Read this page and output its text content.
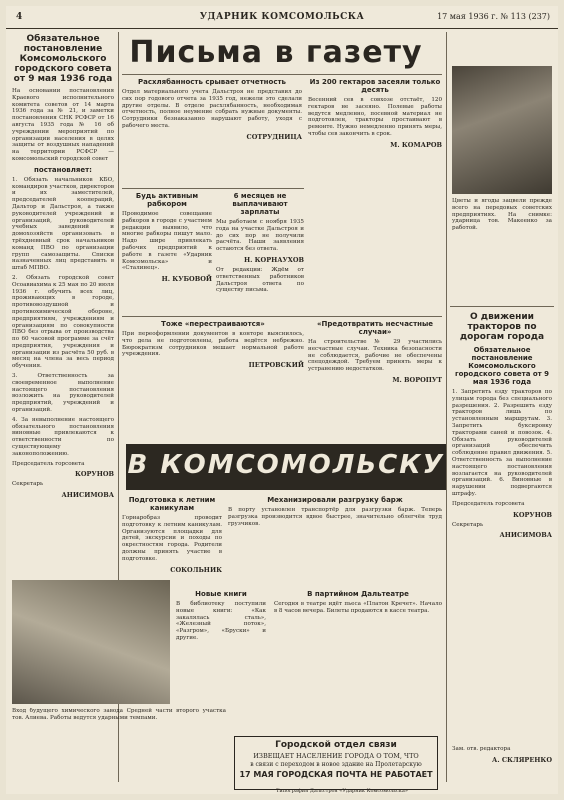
4	УДАРНИК КОМСОМОЛЬСКА	17 мая 1936 г. № 113 (237)
Обязательное постановление Комсомольского городского совета от 9 мая 1936 года

На основании постановления Краевого исполнительного комитета советов от 14 марта 1936 года за № 21, и заметки постановления СНК РСФСР от 16 августа 1935 года № 16 об учреждении мероприятий по организации населения в целях защиты от воздушных нападений на территории РСФСР — комсомольский городской совет

постановляет:

1. Обязать начальников КБО, командиров участков, директоров и их заместителей, председателей коопераций, Дальтор и Дальстроя, а также руководителей учреждений и организаций, руководителей учебных заведений и домохозяйств организовать в трёхдневный срок начальников команд ПВО по организации групп самозащиты. Списки назначенных лиц представить в штаб МПВО.

2. Обязать городской совет Осоавиахима к 25 мая по 20 июля 1936 г. обучить всех лиц, проживающих в городе, противовоздушной и противохимической обороне, предприятиям, учреждениям и организациям по совокупности ПВО без отрыва от производства по 60 часовой программе за счёт предприятия, учреждения и организации из расчёта 50 руб. в месяц на члена за весь период обучения.

3. Ответственность за своевременное выполнение настоящего постановления возложить на руководителей предприятий, учреждений и организаций.

4. За невыполнение настоящего обязательного постановления виновные привлекаются к ответственности по существующему законоположению.

Председатель горсовета

КОРУНОВ

Секретарь

АНИСИМОВА

Письма в газету
Расхлябанность срывает отчетность

Отдел материального учета Дальстроя не представил до сих пор годового отчета за 1935 год, нежели это сделали другие отделы. В отделе расхлябанность, необходимая отчетность, полное неумение собрать нужные документы. Сотрудники безнаказанно нарушают работу, уходя с рабочего места.

СОТРУДНИЦА

Из 200 гектаров засеяли только десять

Весенний сев в совхозе отстаёт, 120 гектаров не засеяно. Полевые работы ведутся медленно, посевной материал не подготовлен, тракторы простаивают в ремонте. Нужно немедленно принять меры, чтобы сев закончить в срок.

М. КОМАРОВ

Будь активным рабкором

Проводимое совещание рабкоров в городе с участием редакции выявило, что многие рабкоры пишут мало. Надо шире привлекать рабочих предприятий к работе в газете «Ударник Комсомольска» и «Сталинец».

Н. КУБОВОЙ

6 месяцев не выплачивают зарплаты

Мы работаем с ноября 1935 года на участке Дальстроя и до сих пор не получили расчёта. Наши заявления остаются без ответа.

Н. КОРНАУХОВ

От редакции: Ждём от ответственных работников Дальстроя ответа по существу письма.

Тоже «перестраиваются»

При переоформлении документов в конторе выяснилось, что дела не подготовлены, работа ведётся небрежно. Бюрократизм сотрудников мешает нормальной работе учреждения.

ПЕТРОВСКИЙ

«Предотвратить несчастные случаи»

На строительстве № 29 участились несчастные случаи. Техника безопасности не соблюдается, рабочие не обеспечены спецодеждой. Требуем принять меры к устранению недостатков.

М. ВОРОПУТ

Цветы и ягоды зацвели прежде всего на передовых советских предприятиях. На снимке: ударница тов. Макеенко за работой.

О движении тракторов по дорогам города
Обязательное постановление Комсомольского городского совета от 9 мая 1936 года

1. Запретить езду тракторов по улицам города без специального разрешения. 2. Разрешить езду тракторов лишь по установленным маршрутам. 3. Запретить буксировку тракторами саней и повозок. 4. Обязать руководителей организаций обеспечить соблюдение правил движения. 5. Ответственность за выполнение настоящего постановления возлагается на руководителей организаций. 6. Виновные в нарушении подвергаются штрафу.

Председатель горсовета

КОРУНОВ

Секретарь

АНИСИМОВА

В КОМСОМОЛЬСКУ
Подготовка к летним каникулам

Горнаробраз проводит подготовку к летним каникулам. Организуются площадки для детей, экскурсии и походы по окрестностям города. Родители должны принять участие в подготовке.

СОКОЛЬНИК

Механизировали разгрузку барж

В порту установлен транспортёр для разгрузки барж. Теперь разгрузка производится вдвое быстрее, значительно облегчён труд грузчиков.

Новые книги

В библиотеку поступили новые книги: «Как закалялась сталь», «Железный поток», «Разгром», «Бруски» и другие.

В партийном Дальтеатре

Сегодня в театре идёт пьеса «Платон Кречет». Начало в 8 часов вечера. Билеты продаются в кассе театра.

Вход будущего химического завода Средней части второго участка тов. Алиева. Работы ведутся ударными темпами.

Городской отдел связи
ИЗВЕЩАЕТ НАСЕЛЕНИЕ ГОРОДА О ТОМ, ЧТО
в связи с переходом в новое здание на Пролетарскую
17 МАЯ ГОРОДСКАЯ ПОЧТА НЕ РАБОТАЕТ

Зам. отв. редактора

А. СКЛЯРЕНКО

Типография Дальстроя «Ударник Комсомольска»
